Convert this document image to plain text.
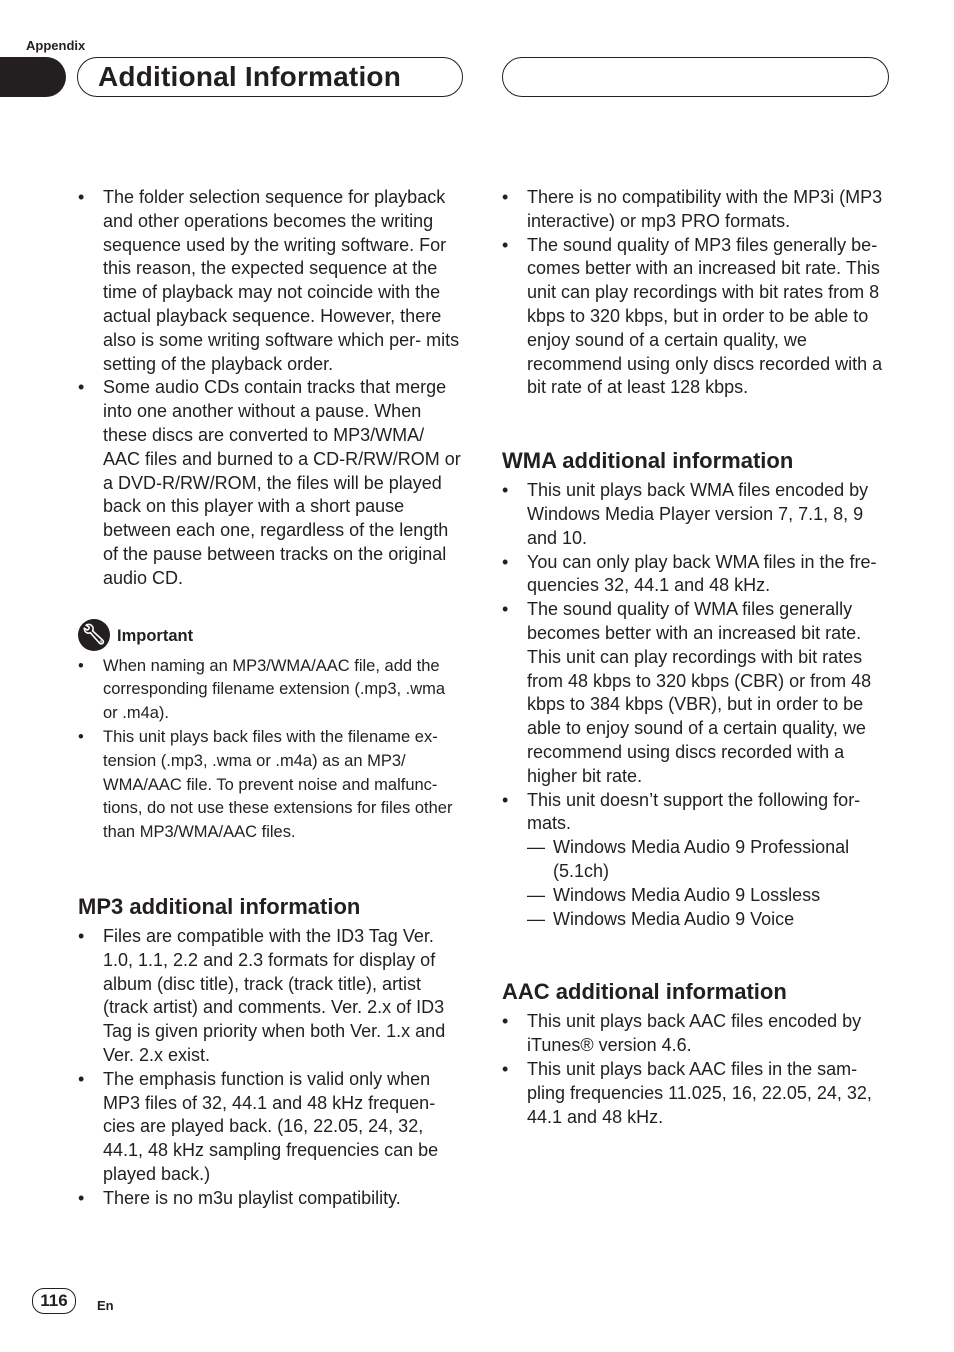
Appendix
Additional Information
• The folder selection sequence for playback and other operations becomes the writing sequence used by the writing software. For this reason, the expected sequence at the time of playback may not coincide with the actual playback sequence. However, there also is some writing software which per- mits setting of the playback order.
• Some audio CDs contain tracks that merge into one another without a pause. When these discs are converted to MP3/WMA/ AAC files and burned to a CD-R/RW/ROM or a DVD-R/RW/ROM, the files will be played back on this player with a short pause between each one, regardless of the length of the pause between tracks on the original audio CD.
🔧︎ Important
• When naming an MP3/WMA/AAC file, add the corresponding filename extension (.mp3, .wma or .m4a).
• This unit plays back files with the filename ex- tension (.mp3, .wma or .m4a) as an MP3/ WMA/AAC file. To prevent noise and malfunc- tions, do not use these extensions for files other than MP3/WMA/AAC files.
MP3 additional information
• Files are compatible with the ID3 Tag Ver. 1.0, 1.1, 2.2 and 2.3 formats for display of album (disc title), track (track title), artist (track artist) and comments. Ver. 2.x of ID3 Tag is given priority when both Ver. 1.x and Ver. 2.x exist.
• The emphasis function is valid only when MP3 files of 32, 44.1 and 48 kHz frequen- cies are played back. (16, 22.05, 24, 32, 44.1, 48 kHz sampling frequencies can be played back.)
• There is no m3u playlist compatibility.
• There is no compatibility with the MP3i (MP3 interactive) or mp3 PRO formats.
• The sound quality of MP3 files generally be- comes better with an increased bit rate. This unit can play recordings with bit rates from 8 kbps to 320 kbps, but in order to be able to enjoy sound of a certain quality, we recommend using only discs recorded with a bit rate of at least 128 kbps.
WMA additional information
• This unit plays back WMA files encoded by Windows Media Player version 7, 7.1, 8, 9 and 10.
• You can only play back WMA files in the fre- quencies 32, 44.1 and 48 kHz.
• The sound quality of WMA files generally becomes better with an increased bit rate. This unit can play recordings with bit rates from 48 kbps to 320 kbps (CBR) or from 48 kbps to 384 kbps (VBR), but in order to be able to enjoy sound of a certain quality, we recommend using discs recorded with a higher bit rate.
• This unit doesn’t support the following for- mats.
— Windows Media Audio 9 Professional (5.1ch)
— Windows Media Audio 9 Lossless
— Windows Media Audio 9 Voice
AAC additional information
• This unit plays back AAC files encoded by iTunes® version 4.6.
• This unit plays back AAC files in the sam- pling frequencies 11.025, 16, 22.05, 24, 32, 44.1 and 48 kHz.
116	En
